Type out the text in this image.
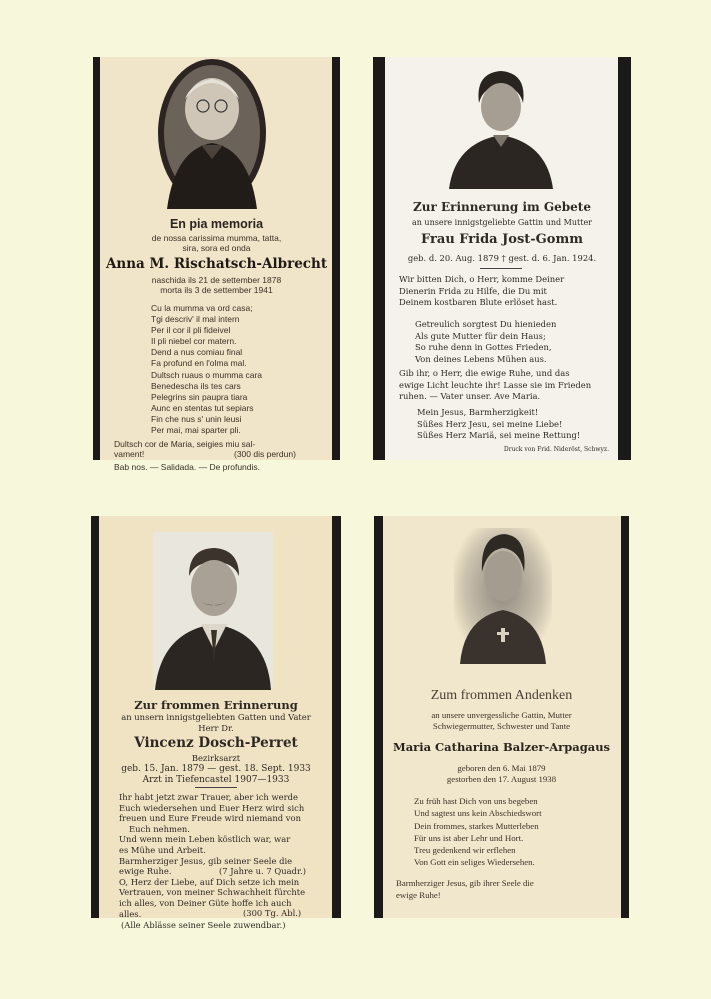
En pia memoria
de nossa carissima mumma, tatta,
sira, sora ed onda
Anna M. Rischatsch-Albrecht
naschida ils 21 de settember 1878
morta ils 3 de settember 1941
Cu la mumma va ord casa;
Tgi descriv' il mal intern
Per il cor il pli fideivel
Il pli niebel cor matern.
Dend a nus comiau final
Fa profund en l'olma mal.
Dultsch ruaus o mumma cara
Benedescha ils tes cars
Pelegrins sin paupra tiara
Aunc en stentas tut sepiars
Fin che nus s' unin leusi
Per mai, mai sparter pli.
Dultsch cor de Maria, seigies miu sal-
vament!	(300 dis perdun)
Bab nos. — Salidada. — De profundis.
Zur Erinnerung im Gebete
an unsere innigstgeliebte Gattin und Mutter
Frau Frida Jost-Gomm
geb. d. 20. Aug. 1879 † gest. d. 6. Jan. 1924.
Wir bitten Dich, o Herr, komme Deiner
Dienerin Frida zu Hilfe, die Du mit
Deinem kostbaren Blute erlöset hast.
Getreulich sorgtest Du hienieden
Als gute Mutter für dein Haus;
So ruhe denn in Gottes Frieden,
Von deines Lebens Mühen aus.
Gib ihr, o Herr, die ewige Ruhe, und das
ewige Licht leuchte ihr! Lasse sie im Frieden
ruhen. — Vater unser. Ave Maria.
Mein Jesus, Barmherzigkeit!
Süßes Herz Jesu, sei meine Liebe!
Süßes Herz Mariä, sei meine Rettung!
Druck von Frid. Nideröst, Schwyz.
Zur frommen Erinnerung
an unsern innigstgeliebten Gatten und Vater
Herr Dr.
Vincenz Dosch-Perret
Bezirksarzt
geb. 15. Jan. 1879 — gest. 18. Sept. 1933
Arzt in Tiefencastel 1907—1933
Ihr habt jetzt zwar Trauer, aber ich werde
Euch wiedersehen und Euer Herz wird sich
freuen und Eure Freude wird niemand von
Euch nehmen.
Und wenn mein Leben köstlich war, war
es Mühe und Arbeit.
Barmherziger Jesus, gib seiner Seele die
ewige Ruhe.
O, Herz der Liebe, auf Dich setze ich mein
Vertrauen, von meiner Schwachheit fürchte
ich alles, von Deiner Güte hoffe ich auch
alles.
(7 Jahre u. 7 Quadr.)
(300 Tg. Abl.)
(Alle Ablässe seiner Seele zuwendbar.)
Zum frommen Andenken
an unsere unvergessliche Gattin, Mutter
Schwiegermutter, Schwester und Tante
Maria Catharina Balzer-Arpagaus
geboren den 6. Mai 1879
gestorben den 17. August 1938
Zu früh hast Dich von uns begeben
Und sagtest uns kein Abschiedswort
Dein frommes, starkes Mutterleben
Für uns ist aber Lehr und Hort.
Treu gedenkend wir erflehen
Von Gott ein seliges Wiedersehen.
Barmherziger Jesus, gib ihrer Seele die
ewige Ruhe!
